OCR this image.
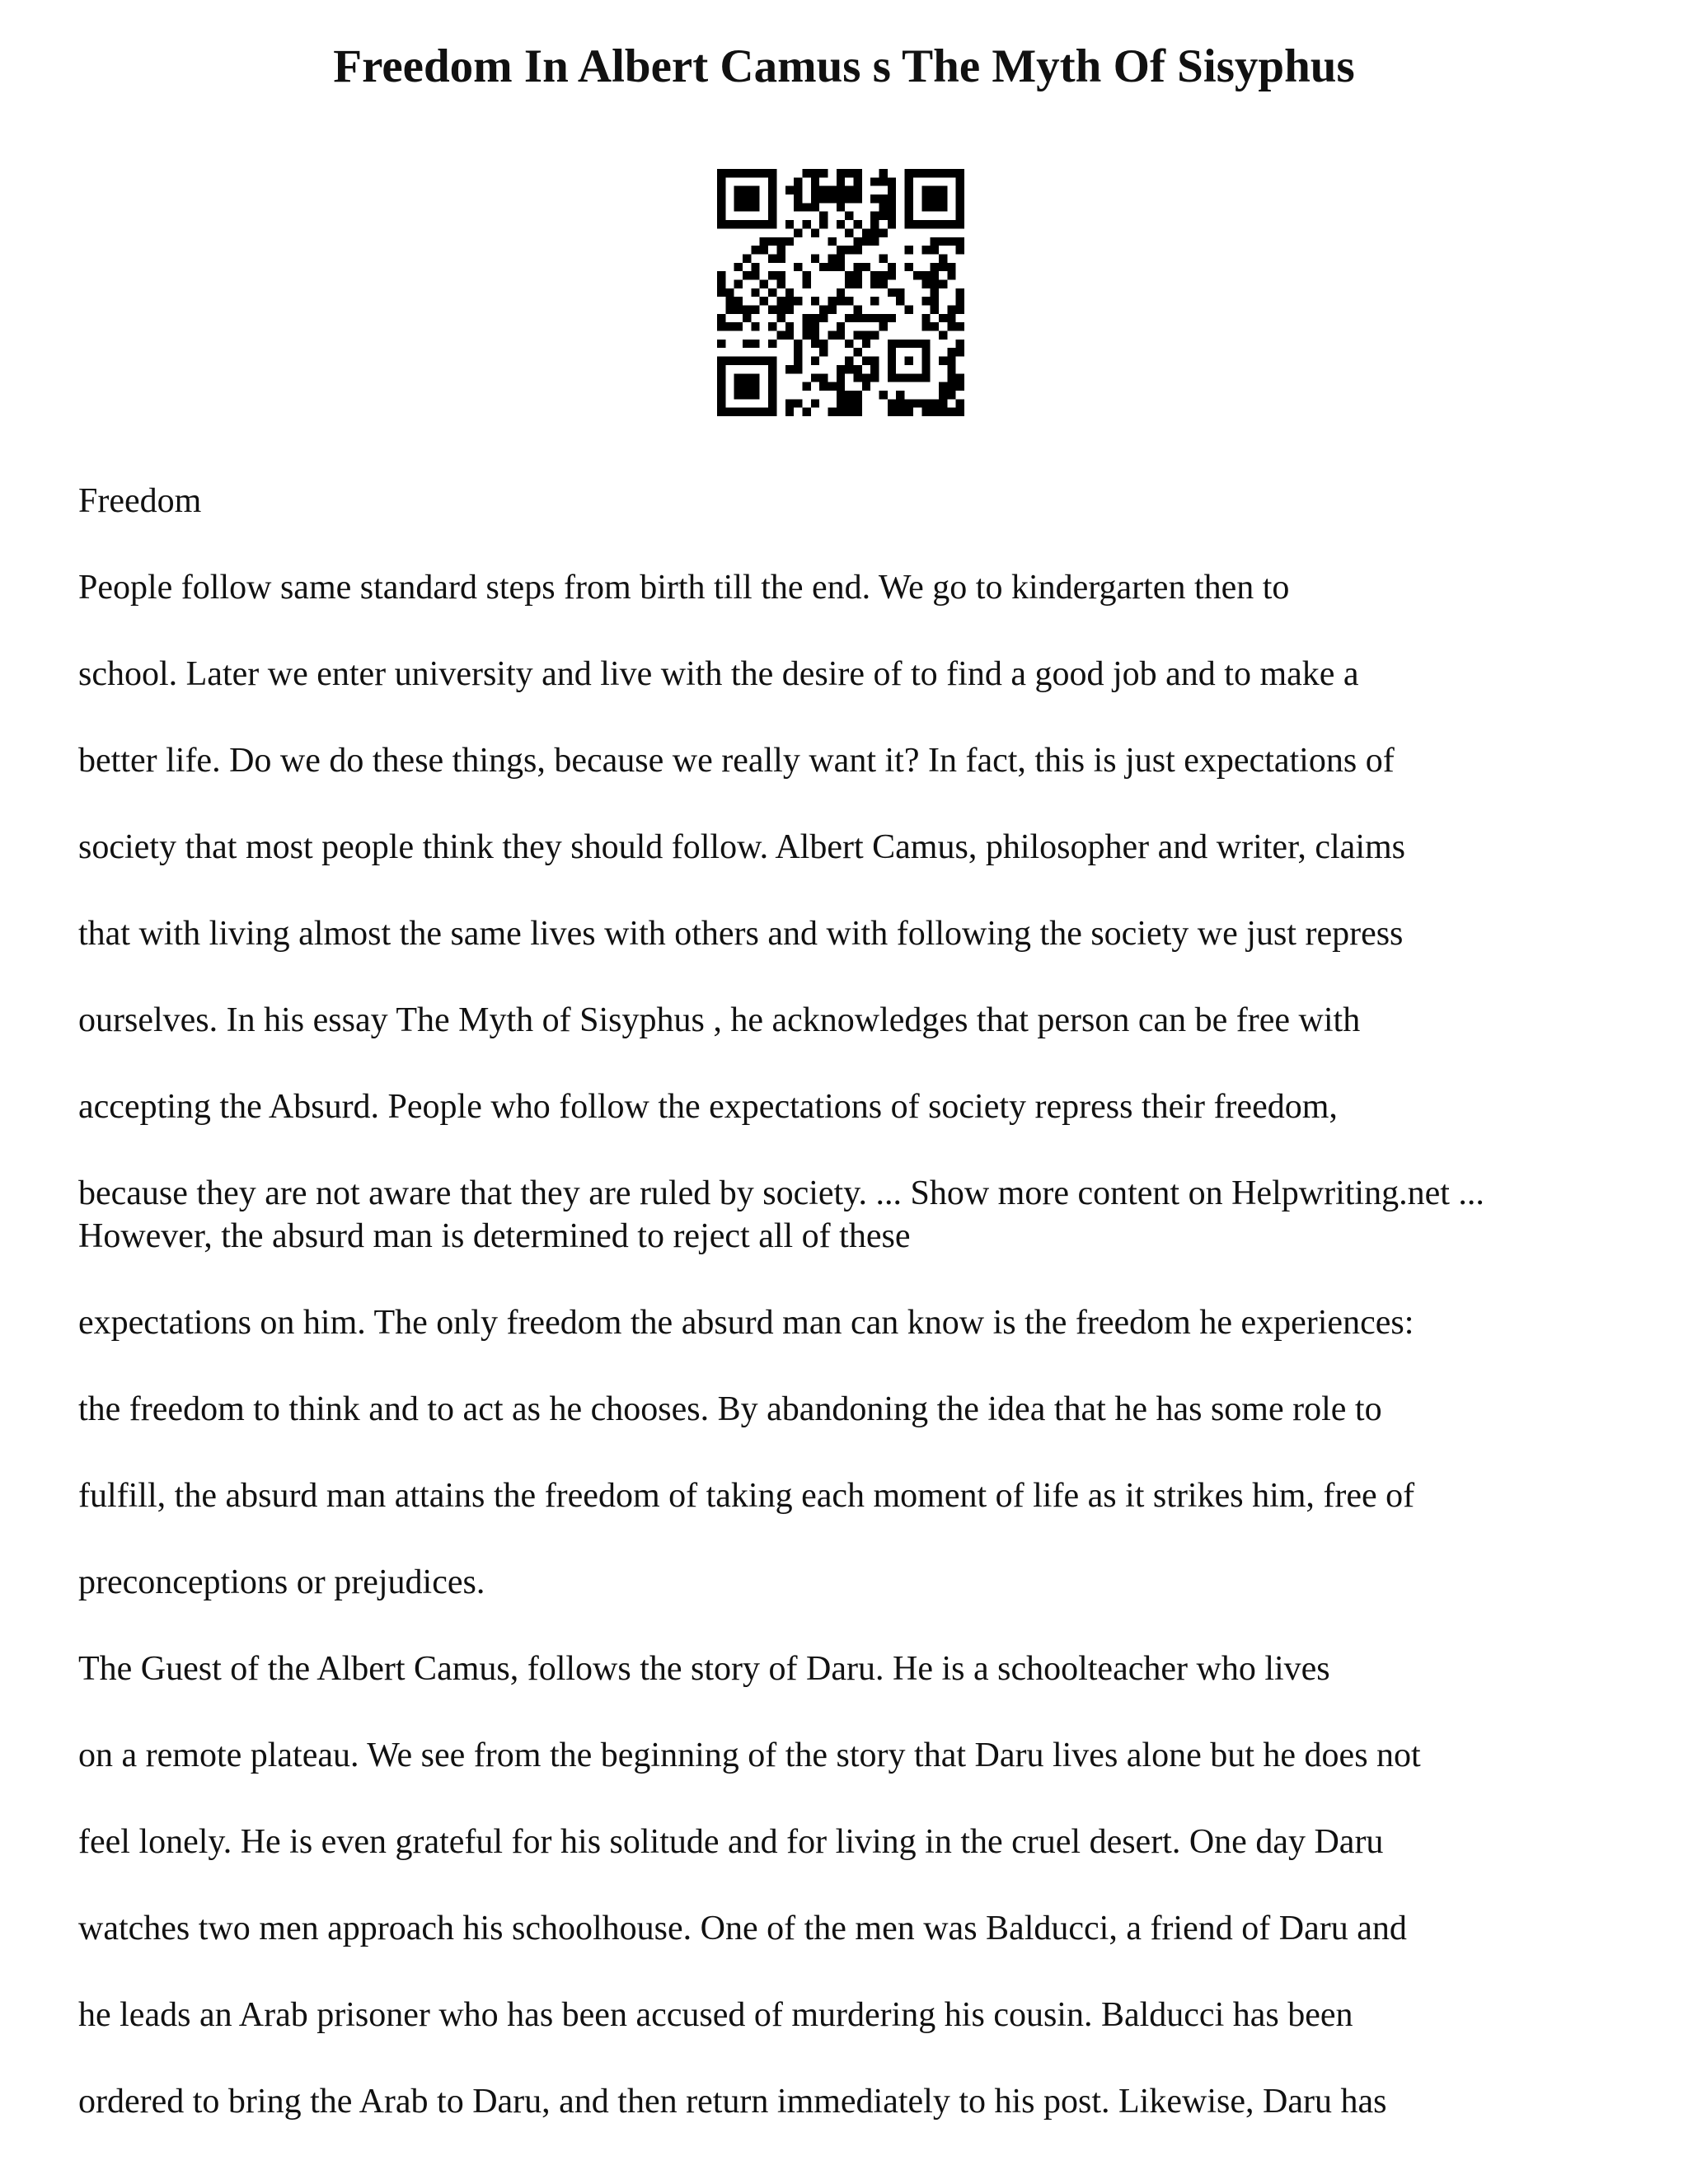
Freedom In Albert Camus s The Myth Of Sisyphus

Freedom

People follow same standard steps from birth till the end. We go to kindergarten then to

school. Later we enter university and live with the desire of to find a good job and to make a

better life. Do we do these things, because we really want it? In fact, this is just expectations of

society that most people think they should follow. Albert Camus, philosopher and writer, claims

that with living almost the same lives with others and with following the society we just repress

ourselves. In his essay The Myth of Sisyphus , he acknowledges that person can be free with

accepting the Absurd. People who follow the expectations of society repress their freedom,

because they are not aware that they are ruled by society. ... Show more content on Helpwriting.net ...

However, the absurd man is determined to reject all of these

expectations on him. The only freedom the absurd man can know is the freedom he experiences:

the freedom to think and to act as he chooses. By abandoning the idea that he has some role to

fulfill, the absurd man attains the freedom of taking each moment of life as it strikes him, free of

preconceptions or prejudices.

The Guest of the Albert Camus, follows the story of Daru. He is a schoolteacher who lives

on a remote plateau. We see from the beginning of the story that Daru lives alone but he does not

feel lonely. He is even grateful for his solitude and for living in the cruel desert. One day Daru

watches two men approach his schoolhouse. One of the men was Balducci, a friend of Daru and

he leads an Arab prisoner who has been accused of murdering his cousin. Balducci has been

ordered to bring the Arab to Daru, and then return immediately to his post. Likewise, Daru has
